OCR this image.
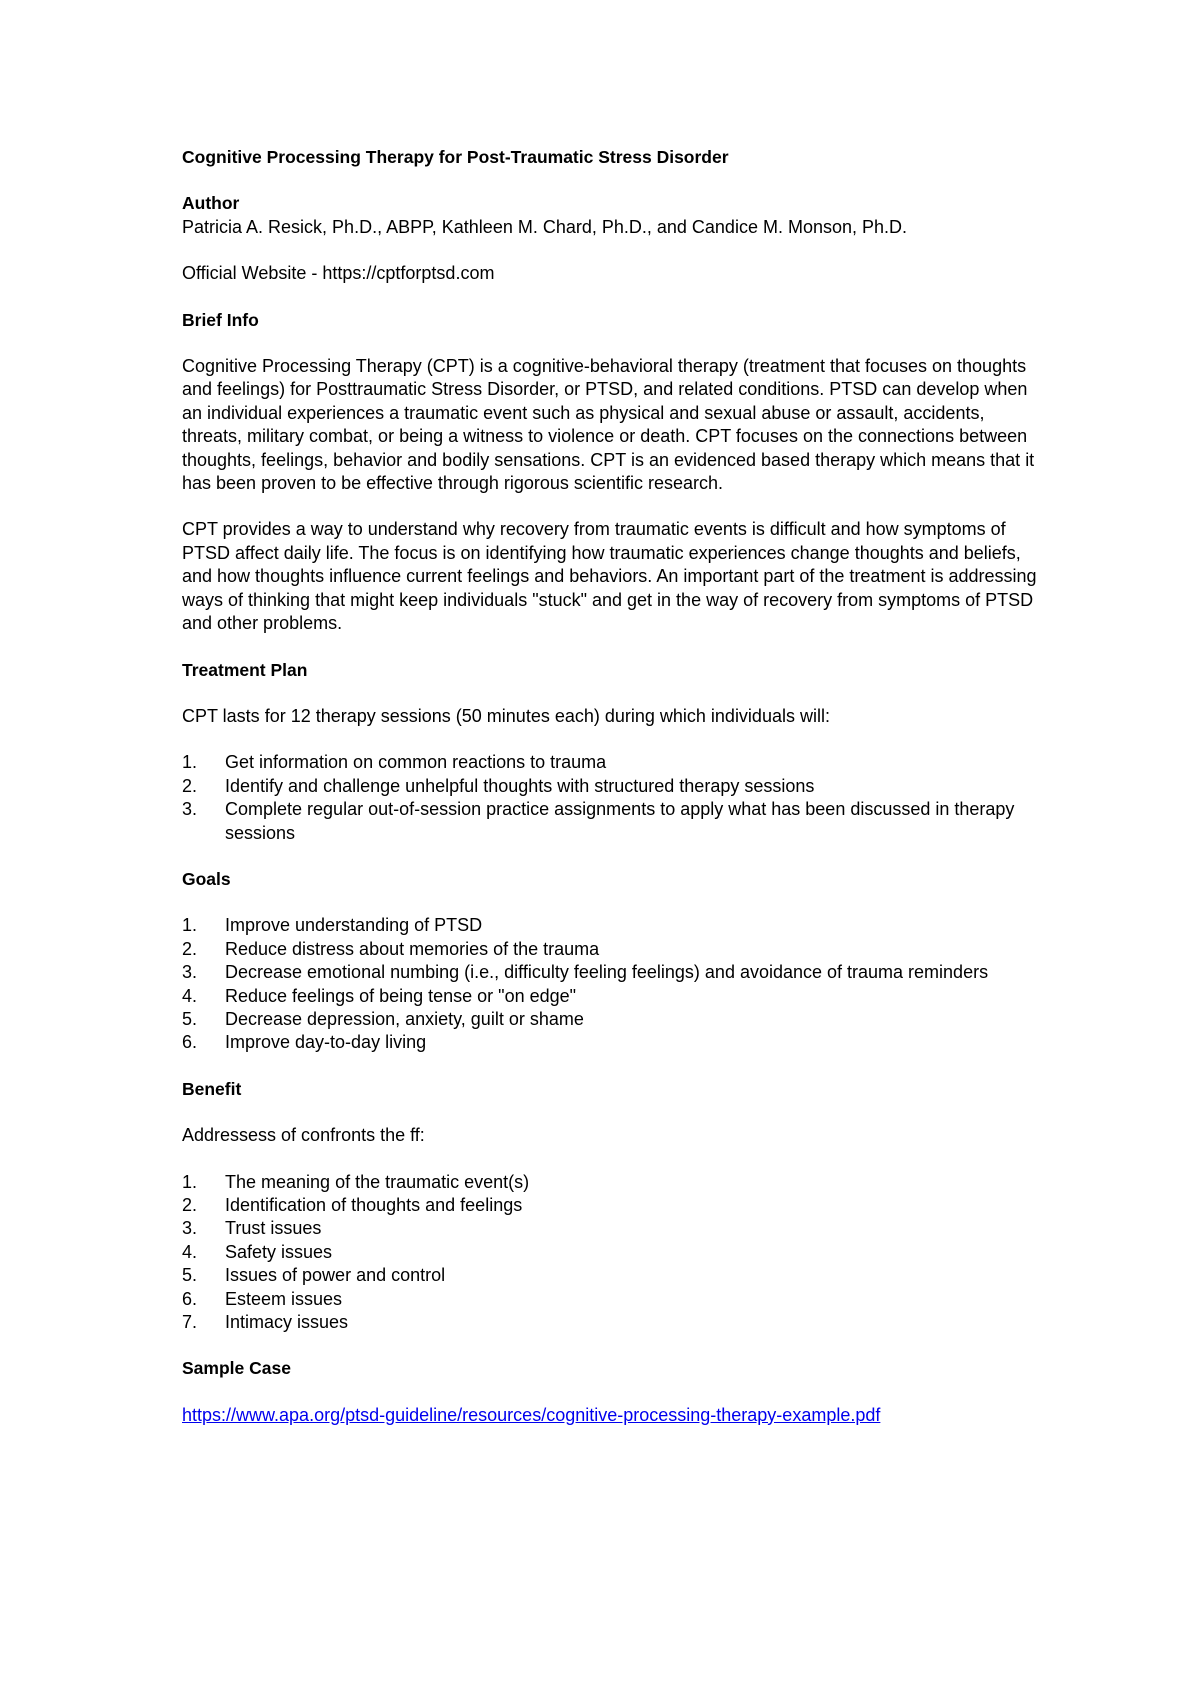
Cognitive Processing Therapy for Post-Traumatic Stress Disorder
Author

Patricia A. Resick, Ph.D., ABPP, Kathleen M. Chard, Ph.D., and Candice M. Monson, Ph.D.

Official Website - https://cptforptsd.com

Brief Info

Cognitive Processing Therapy (CPT) is a cognitive-behavioral therapy (treatment that focuses on thoughts and feelings) for Posttraumatic Stress Disorder, or PTSD, and related conditions. PTSD can develop when an individual experiences a traumatic event such as physical and sexual abuse or assault, accidents, threats, military combat, or being a witness to violence or death. CPT focuses on the connections between thoughts, feelings, behavior and bodily sensations. CPT is an evidenced based therapy which means that it has been proven to be effective through rigorous scientific research.

CPT provides a way to understand why recovery from traumatic events is difficult and how symptoms of PTSD affect daily life. The focus is on identifying how traumatic experiences change thoughts and beliefs, and how thoughts influence current feelings and behaviors. An important part of the treatment is addressing ways of thinking that might keep individuals "stuck" and get in the way of recovery from symptoms of PTSD and other problems.

Treatment Plan

CPT lasts for 12 therapy sessions (50 minutes each) during which individuals will:

1.	Get information on common reactions to trauma
2.	Identify and challenge unhelpful thoughts with structured therapy sessions
3.	Complete regular out-of-session practice assignments to apply what has been discussed in therapy sessions
Goals
1.	Improve understanding of PTSD
2.	Reduce distress about memories of the trauma
3.	Decrease emotional numbing (i.e., difficulty feeling feelings) and avoidance of trauma reminders
4.	Reduce feelings of being tense or "on edge"
5.	Decrease depression, anxiety, guilt or shame
6.	Improve day-to-day living
Benefit

Addressess of confronts the ff:

1.	The meaning of the traumatic event(s)
2.	Identification of thoughts and feelings
3.	Trust issues
4.	Safety issues
5.	Issues of power and control
6.	Esteem issues
7.	Intimacy issues
Sample Case

https://www.apa.org/ptsd-guideline/resources/cognitive-processing-therapy-example.pdf
